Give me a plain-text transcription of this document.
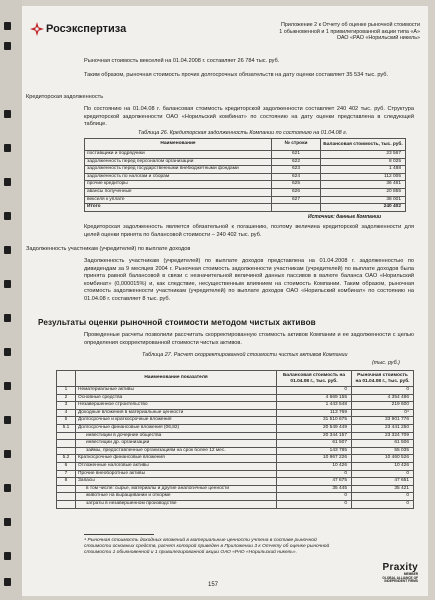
Росэкспертиза	Приложение 2 к Отчету об оценке рыночной стоимости
1 обыкновенной и 1 привилегированной акции типа «А»
ОАО «РАО «Норильский никель»
Рыночная стоимость векселей на 01.04.2008 г. составляет 26 784 тыс. руб.
Таким образом, рыночная стоимость прочих долгосрочных обязательств на дату оценки составляет 35 534 тыс. руб.
Кредиторская задолженность
По состоянию на 01.04.08 г. балансовая стоимость кредиторской задолженности составляет 240 402 тыс. руб. Структура кредиторской задолженности ОАО «Норильский комбинат» по состоянию на дату оценки представлена в следующей таблице.
Таблица 26. Кредиторская задолженность Компании по состоянию на 01.04.08 г.
Наименование	№ строки	Балансовая стоимость, тыс. руб.
поставщики и подрядчики	621	23 567
задолженность перед персоналом организации	622	8 025
задолженность перед государственными внебюджетными фондами	623	1 488
задолженность по налогам и сборам	624	112 005
прочие кредиторы	625	36 461
авансы полученные	626	20 855
векселя к уплате	627	38 001
Итого		240 402
Источник: данные Компании
Кредиторская задолженность является обязательной к погашению, поэтому величина кредиторской задолженности для целей оценки принята по балансовой стоимости – 240 402 тыс. руб.
Задолженность участникам (учредителей) по выплате доходов
Задолженность участникам (учредителей) по выплате доходов представлена на 01.04.2008 г. задолженностью по дивидендам за 9 месяцев 2004 г. Рыночная стоимость задолженности участникам (учредителей) по выплате доходов была принята равной балансовой в связи с незначительной величиной данных пассивов в валюте баланса ОАО «Норильский комбинат» (0,000015%) и, как следствие, несущественным влиянием на стоимость Компании. Таким образом, рыночная стоимость задолженности участникам (учредителей) по выплате доходов ОАО «Норильский комбинат» по состоянию на 01.04.08 г. составляет 8 тыс. руб.
Результаты оценки рыночной стоимости методом чистых активов
Проведенные расчеты позволили рассчитать скорректированную стоимость активов Компании и ее задолженности с целью определения скорректированной стоимости чистых активов.
Таблица 27. Расчет скорректированной стоимости чистых активов Компании
(тыс. руб.)
	Наименование показателя	Балансовая стоимость на 01.04.08 г., тыс. руб.	Рыночная стоимость на 01.04.08 г., тыс. руб.
1	Нематериальные активы	0	0
2	Основные средства	4 669 155	4 354 486
3	Незавершенное строительство	1 443 548	219 600
4	Доходные вложения в материальные ценности	113 769	0⁴
5	Долгосрочные и краткосрочные вложения	31 510 675	33 901 776
5.1	Долгосрочные финансовые вложения (06,82)	20 549 449	23 441 250
	инвестиции в дочерние общества	20 344 157	23 324 709
	инвестиции др. организации	61 507	61 506
	займы, предоставленные организациям на срок более 12 мес.	143 785	55 035
5.2	Краткосрочные финансовые вложения	10 967 226	10 460 526
6	Отложенные налоговые активы	10 426	10 426
7	Прочие внеоборотные активы	0	0
8	Запасы	47 675	47 651
	в том числе: сырье, материалы и другие аналогичные ценности	35 445	35 421
	животные на выращивании и откорме	0	0
	затраты в незавершенном производстве	0	0
⁴ Рыночная стоимость доходных вложений в материальные ценности учтена в составе рыночной стоимости основных средств, расчет которой приведен в Приложении 3 к Отчету об оценке рыночной стоимости 1 обыкновенной и 1 привилегированной акции ОАО «РАО «Норильский никель».
157
Praxity
MEMBER
GLOBAL ALLIANCE OF
INDEPENDENT FIRMS
